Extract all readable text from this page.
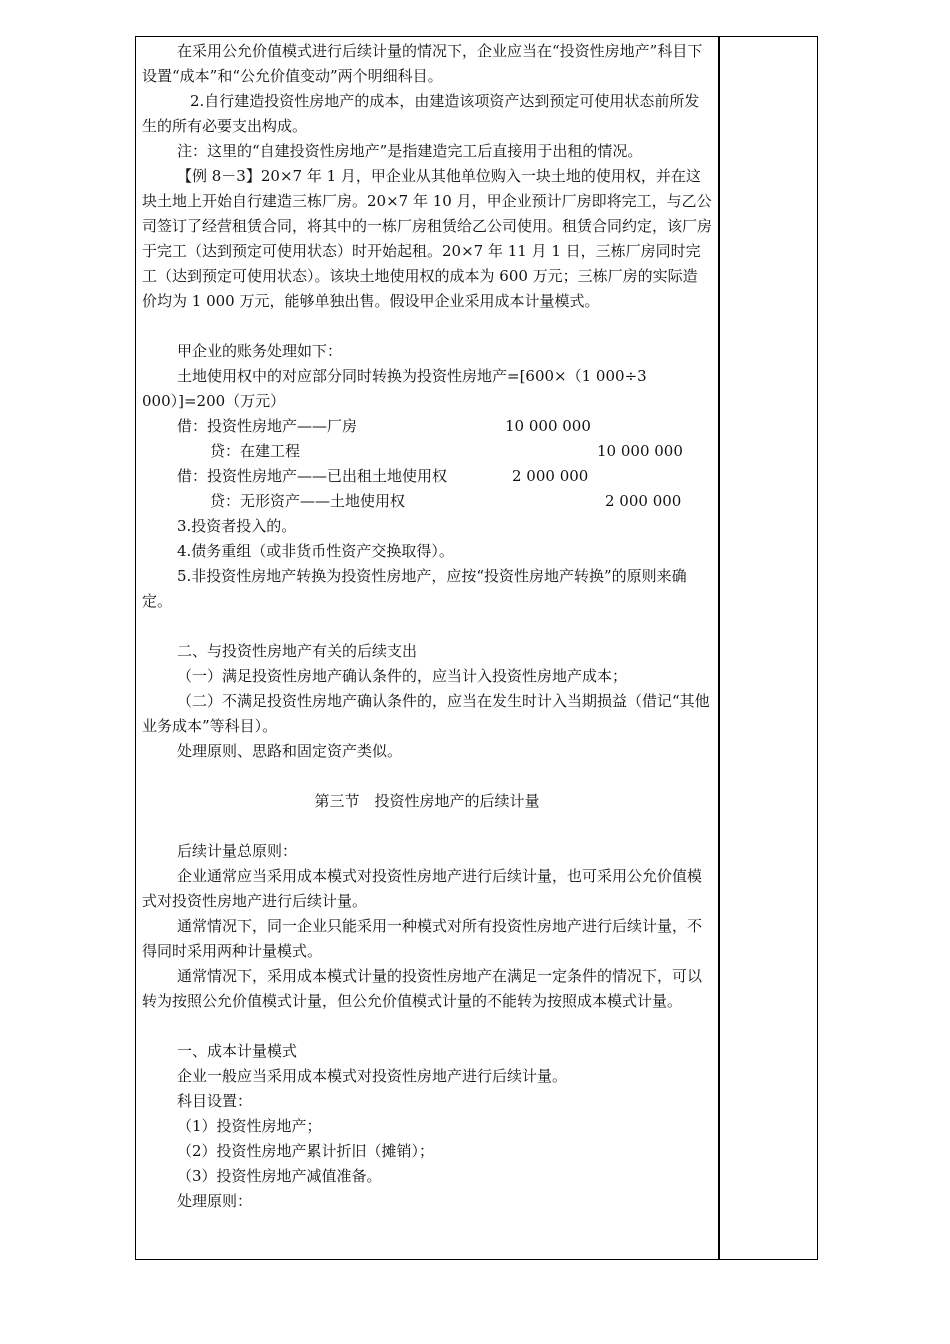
在采用公允价值模式进行后续计量的情况下，企业应当在“投资性房地产”科目下设置“成本”和“公允价值变动”两个明细科目。

2.自行建造投资性房地产的成本，由建造该项资产达到预定可使用状态前所发生的所有必要支出构成。

注：这里的“自建投资性房地产”是指建造完工后直接用于出租的情况。

【例 8－3】20×7 年 1 月，甲企业从其他单位购入一块土地的使用权，并在这块土地上开始自行建造三栋厂房。20×7 年 10 月，甲企业预计厂房即将完工，与乙公司签订了经营租赁合同，将其中的一栋厂房租赁给乙公司使用。租赁合同约定，该厂房于完工（达到预定可使用状态）时开始起租。20×7 年 11 月 1 日，三栋厂房同时完工（达到预定可使用状态）。该块土地使用权的成本为 600 万元；三栋厂房的实际造价均为 1 000 万元，能够单独出售。假设甲企业采用成本计量模式。

甲企业的账务处理如下：

土地使用权中的对应部分同时转换为投资性房地产=[600×（1 000÷3 000）]=200（万元）

借：投资性房地产——厂房	10 000 000
贷：在建工程	10 000 000
借：投资性房地产——已出租土地使用权	2 000 000
贷：无形资产——土地使用权	2 000 000

3.投资者投入的。

4.债务重组（或非货币性资产交换取得）。

5.非投资性房地产转换为投资性房地产，应按“投资性房地产转换”的原则来确定。

二、与投资性房地产有关的后续支出

（一）满足投资性房地产确认条件的，应当计入投资性房地产成本；

（二）不满足投资性房地产确认条件的，应当在发生时计入当期损益（借记“其他业务成本”等科目）。

处理原则、思路和固定资产类似。

第三节　投资性房地产的后续计量

后续计量总原则：

企业通常应当采用成本模式对投资性房地产进行后续计量，也可采用公允价值模式对投资性房地产进行后续计量。

通常情况下，同一企业只能采用一种模式对所有投资性房地产进行后续计量，不得同时采用两种计量模式。

通常情况下，采用成本模式计量的投资性房地产在满足一定条件的情况下，可以转为按照公允价值模式计量，但公允价值模式计量的不能转为按照成本模式计量。

一、成本计量模式

企业一般应当采用成本模式对投资性房地产进行后续计量。

科目设置：

（1）投资性房地产；

（2）投资性房地产累计折旧（摊销）；

（3）投资性房地产减值准备。

处理原则：
